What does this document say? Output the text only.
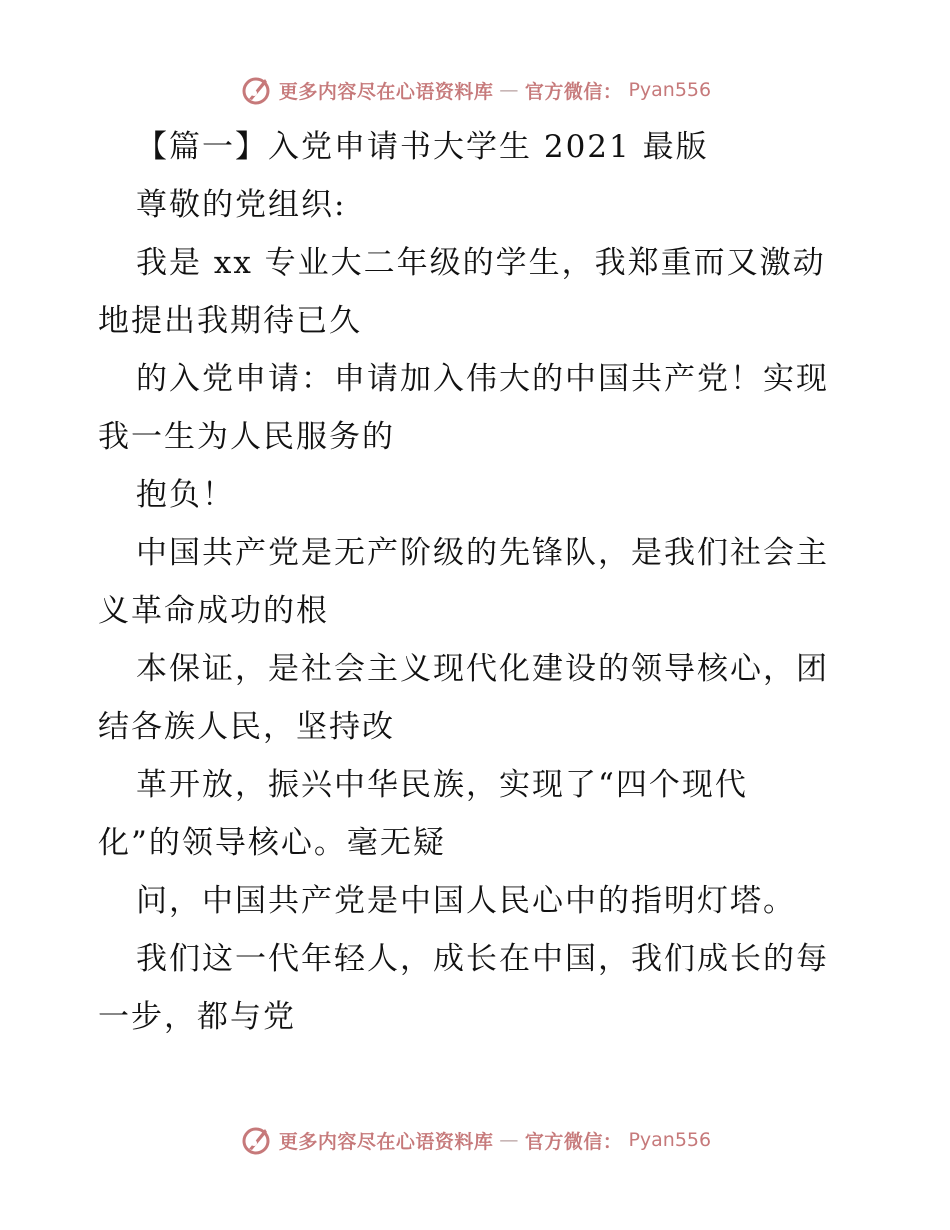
更多内容尽在心语资料库 — 官方微信： Pyan556
【篇一】入党申请书大学生 2021 最版
尊敬的党组织:
我是 xx 专业大二年级的学生，我郑重而又激动
地提出我期待已久
的入党申请：申请加入伟大的中国共产党！实现
我一生为人民服务的
抱负！
中国共产党是无产阶级的先锋队，是我们社会主
义革命成功的根
本保证，是社会主义现代化建设的领导核心，团
结各族人民，坚持改
革开放，振兴中华民族，实现了“四个现代
化”的领导核心。毫无疑
问，中国共产党是中国人民心中的指明灯塔。
我们这一代年轻人，成长在中国，我们成长的每
一步，都与党
更多内容尽在心语资料库 — 官方微信： Pyan556
